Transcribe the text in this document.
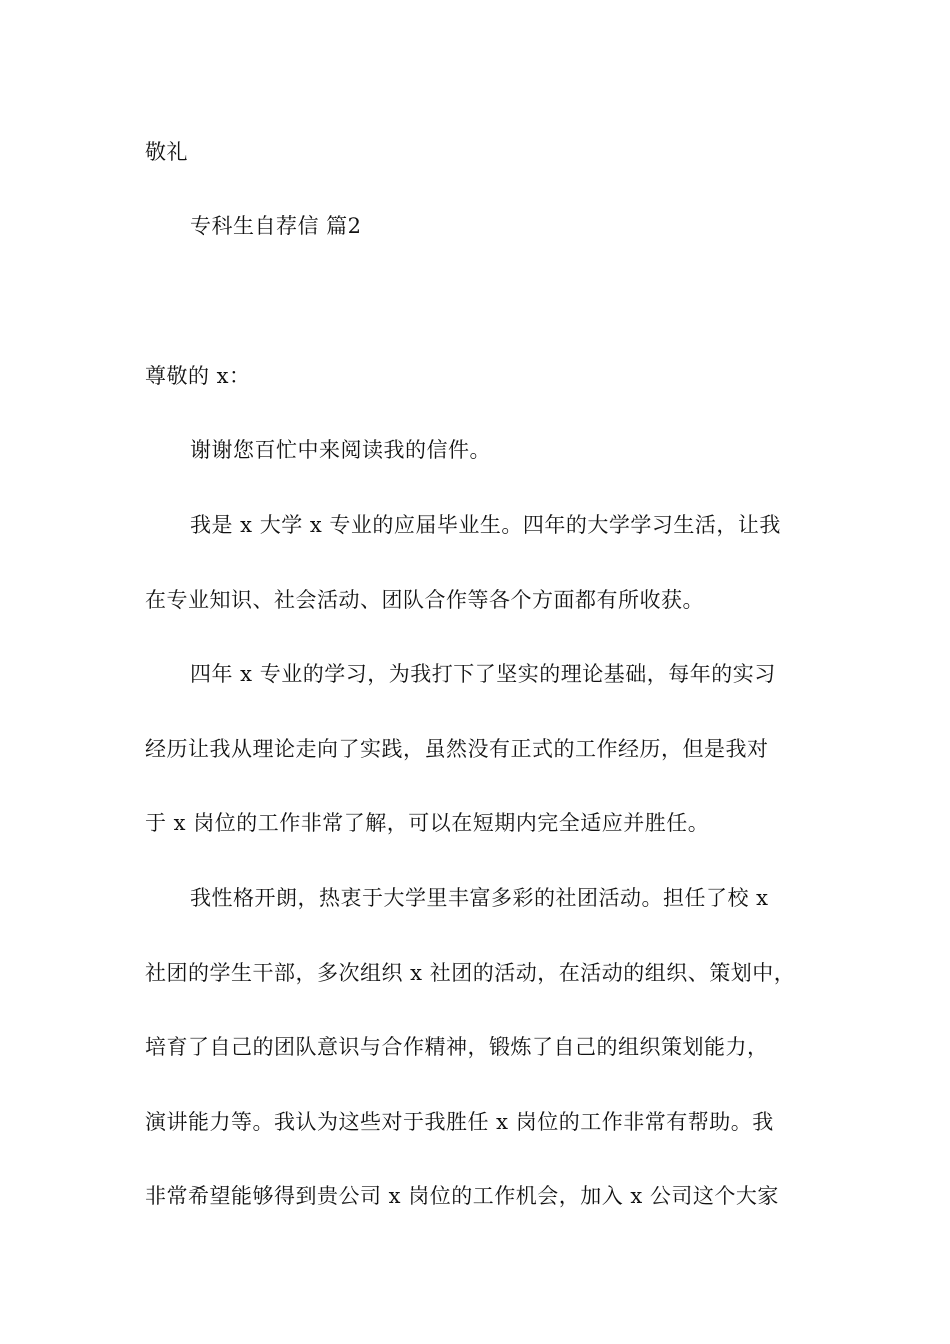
敬礼
专科生自荐信 篇2
尊敬的 x：
谢谢您百忙中来阅读我的信件。
我是 x 大学 x 专业的应届毕业生。四年的大学学习生活，让我
在专业知识、社会活动、团队合作等各个方面都有所收获。
四年 x 专业的学习，为我打下了坚实的理论基础，每年的实习
经历让我从理论走向了实践，虽然没有正式的工作经历，但是我对
于 x 岗位的工作非常了解，可以在短期内完全适应并胜任。
我性格开朗，热衷于大学里丰富多彩的社团活动。担任了校 x
社团的学生干部，多次组织 x 社团的活动，在活动的组织、策划中，
培育了自己的团队意识与合作精神，锻炼了自己的组织策划能力，
演讲能力等。我认为这些对于我胜任 x 岗位的工作非常有帮助。我
非常希望能够得到贵公司 x 岗位的工作机会，加入 x 公司这个大家
